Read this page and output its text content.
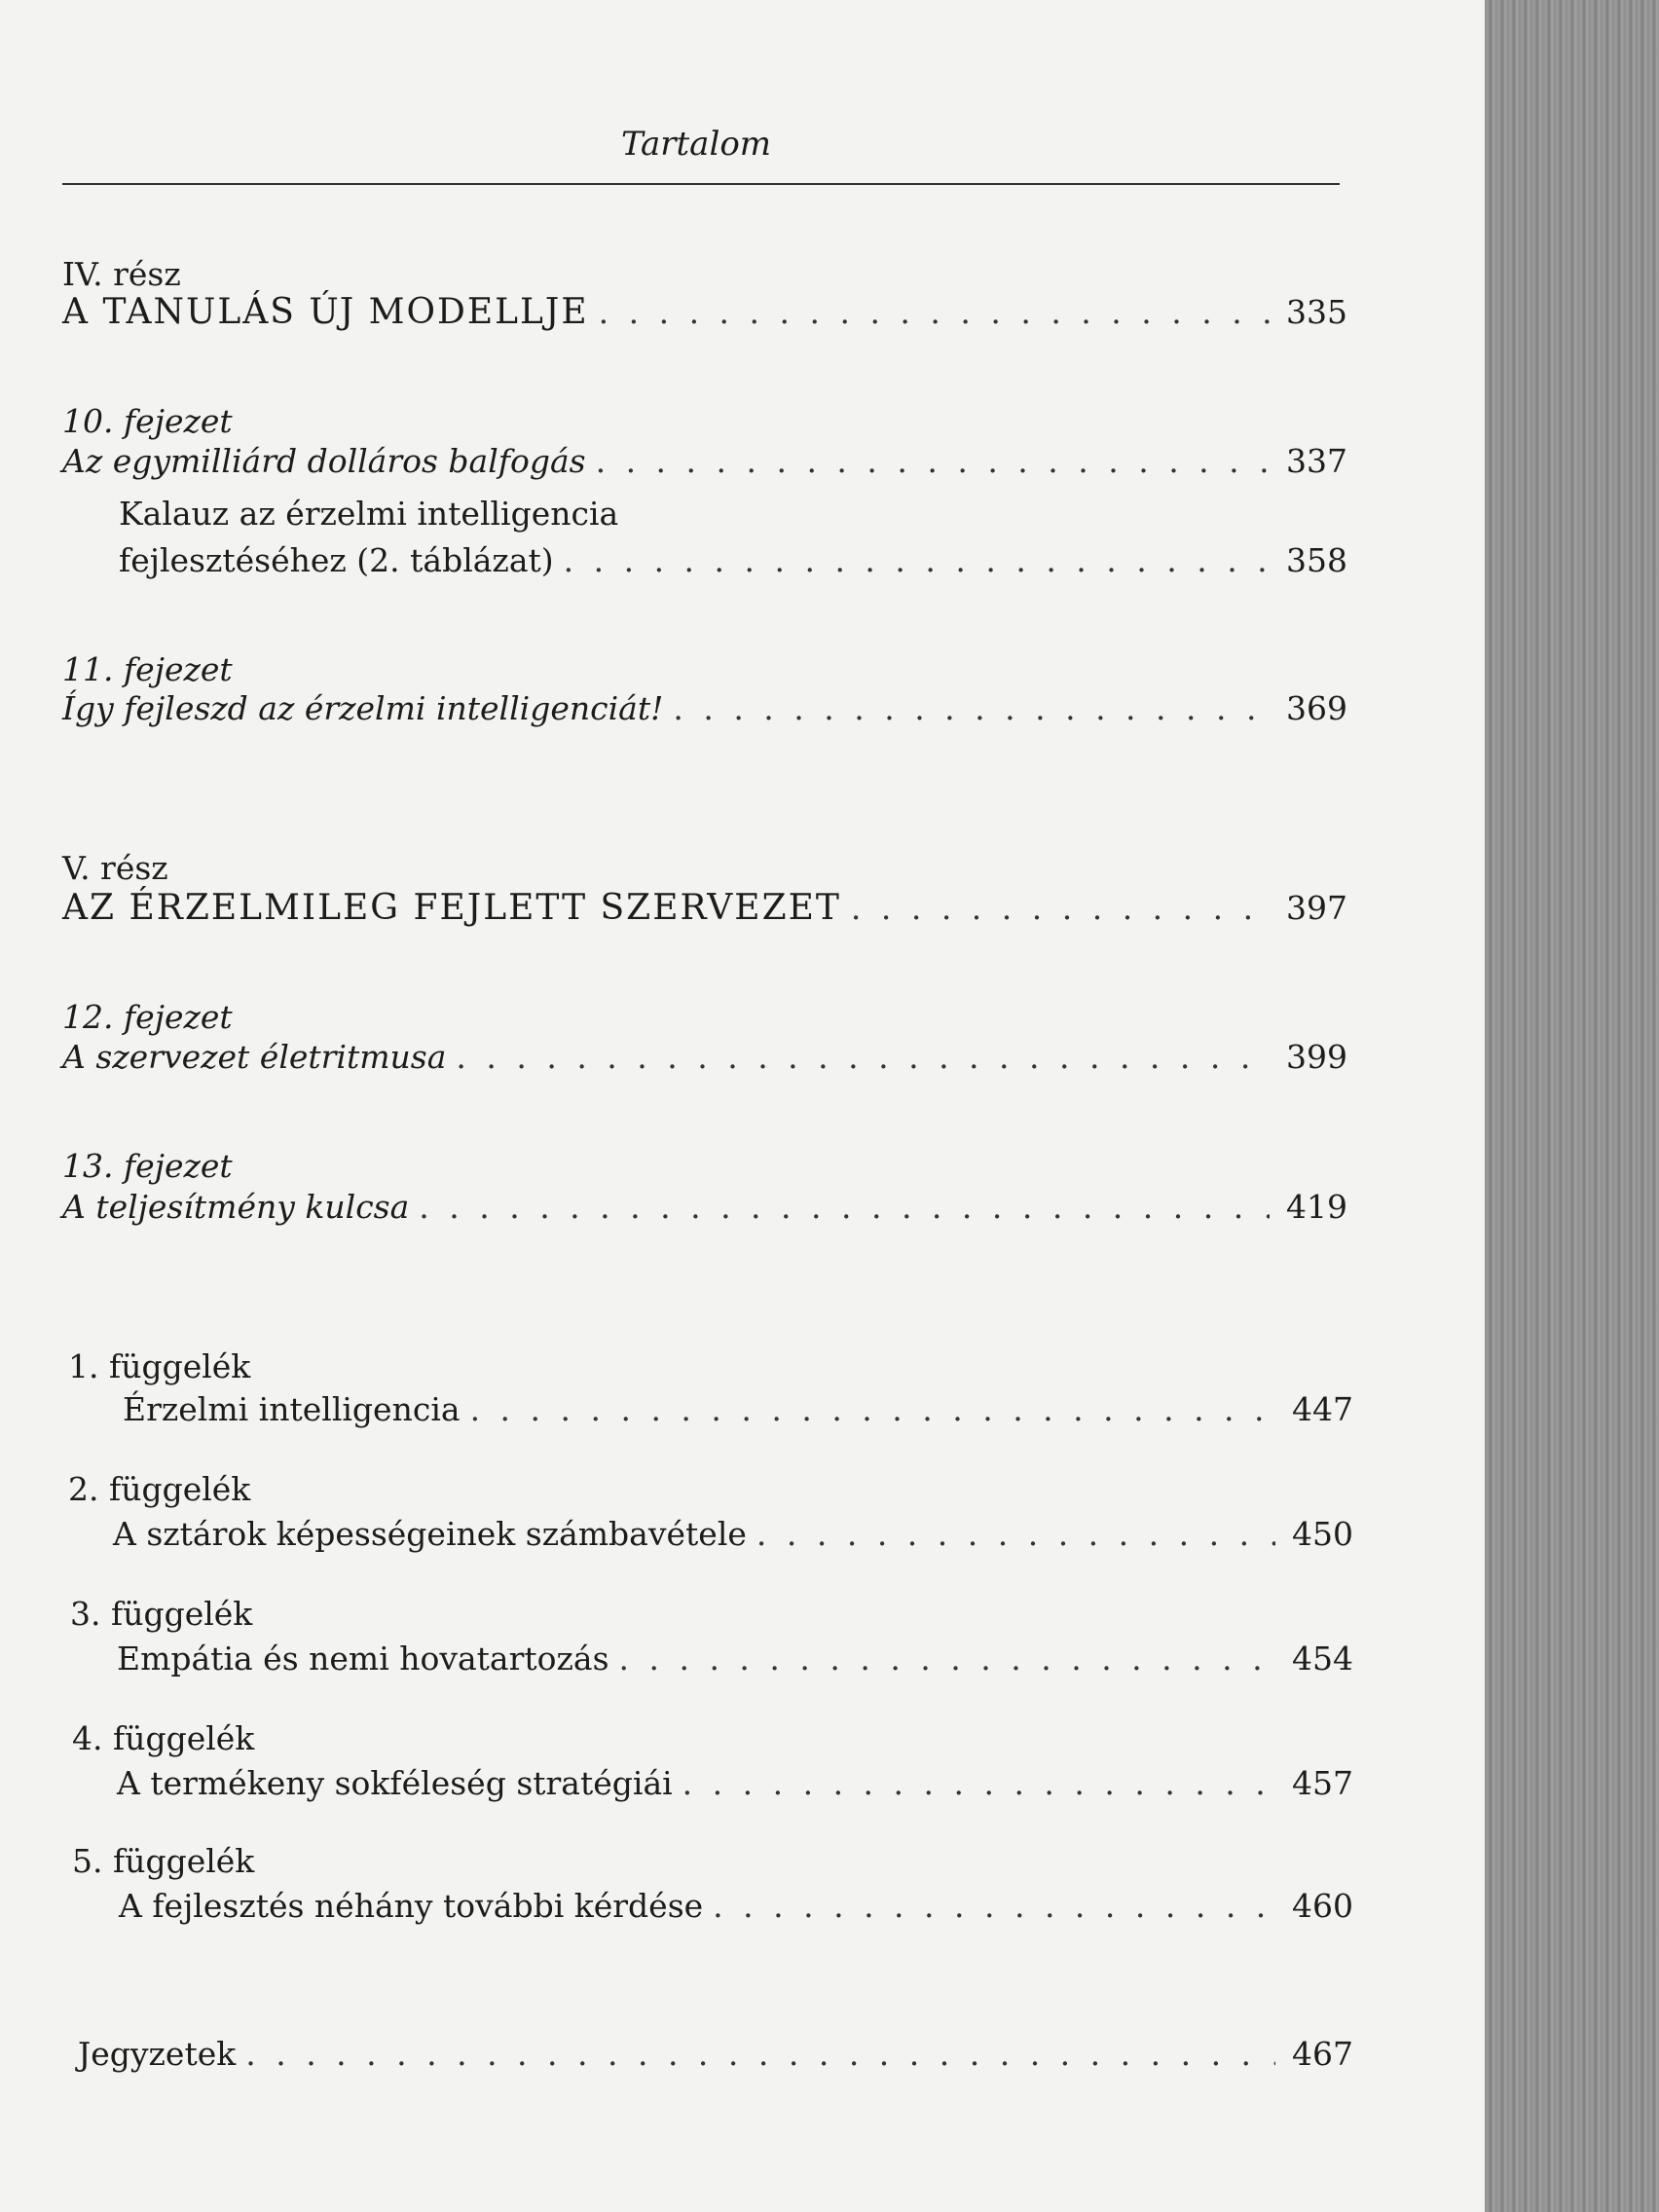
Tartalom
IV. rész
A TANULÁS ÚJ MODELLJE . . .	335
10. fejezet
Az egymilliárd dolláros balfogás . . .	337
Kalauz az érzelmi intelligencia
fejlesztéséhez (2. táblázat) . . .	358
11. fejezet
Így fejleszd az érzelmi intelligenciát! . . .	369
V. rész
AZ ÉRZELMILEG FEJLETT SZERVEZET . . .	397
12. fejezet
A szervezet életritmusa . . .	399
13. fejezet
A teljesítmény kulcsa . . .	419
1. függelék
Érzelmi intelligencia . . .	447
2. függelék
A sztárok képességeinek számbavétele . . .	450
3. függelék
Empátia és nemi hovatartozás . . .	454
4. függelék
A termékeny sokféleség stratégiái . . .	457
5. függelék
A fejlesztés néhány további kérdése . . .	460
Jegyzetek . . .	467
